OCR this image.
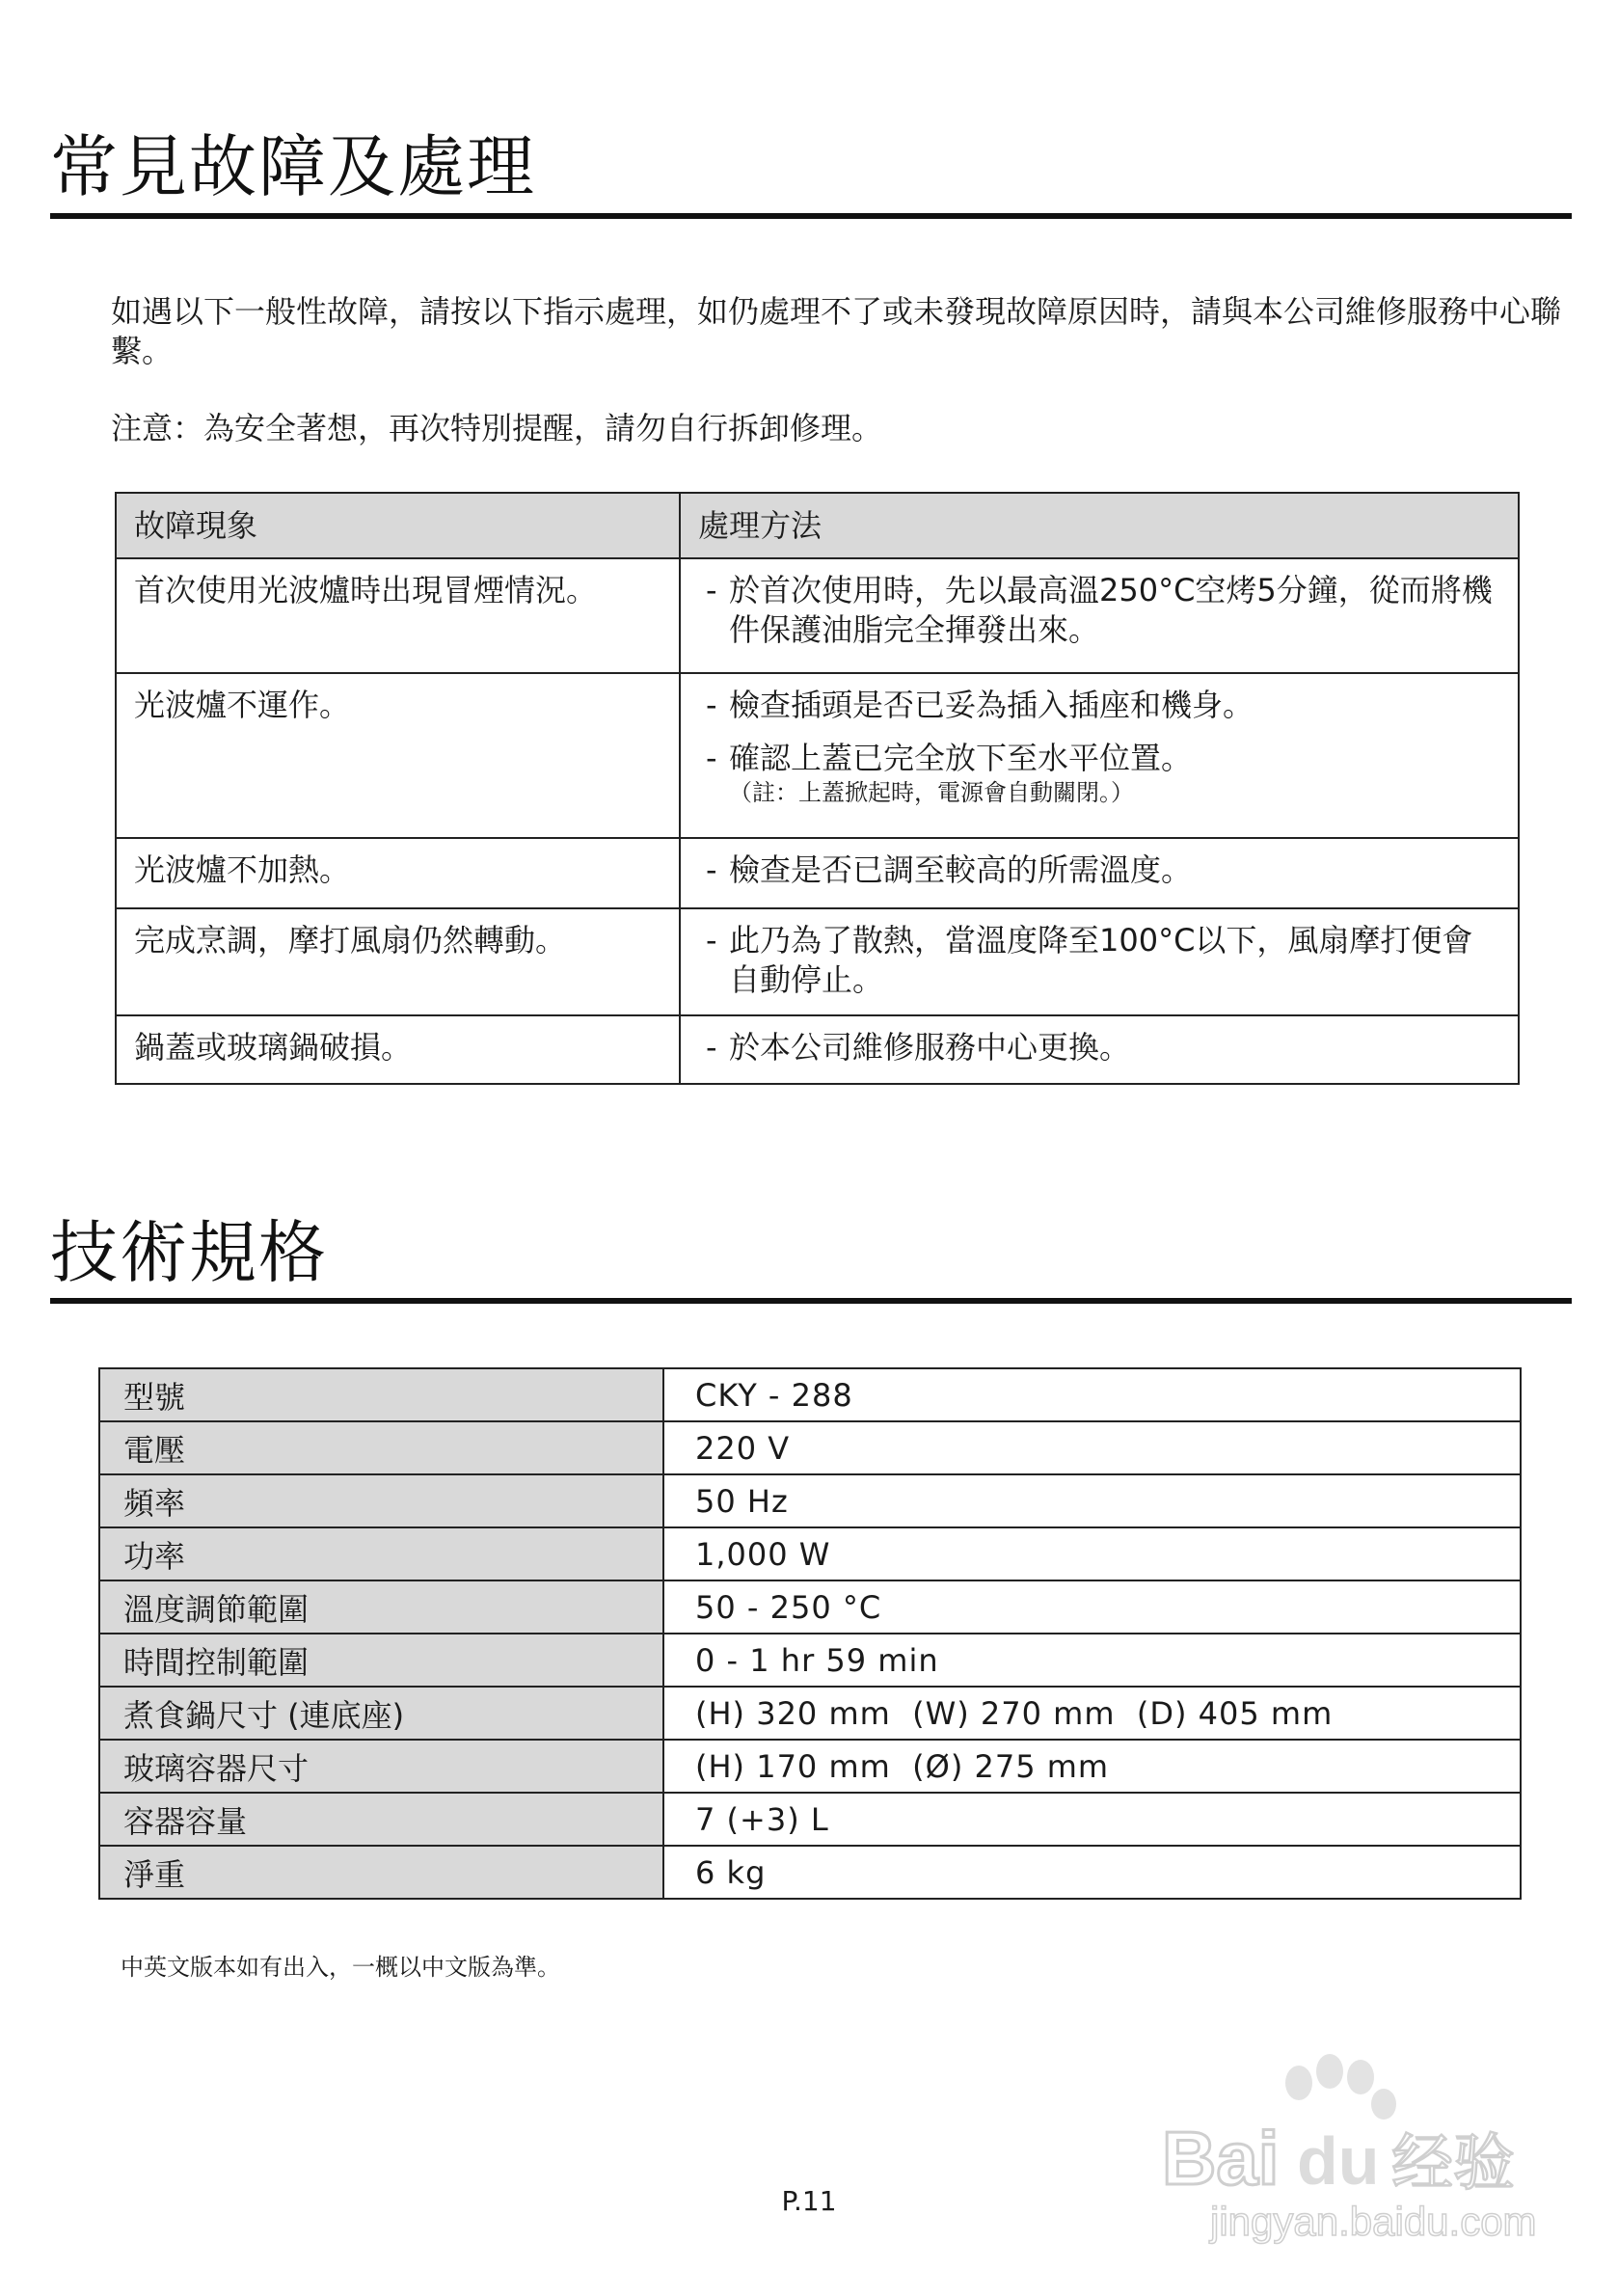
常見故障及處理

如遇以下一般性故障，請按以下指示處理，如仍處理不了或未發現故障原因時，請與本公司維修服務中心聯繫。

注意：為安全著想，再次特別提醒，請勿自行拆卸修理。

故障現象	處理方法
首次使用光波爐時出現冒煙情況。	- 於首次使用時，先以最高溫250°C空烤5分鐘，從而將機件保護油脂完全揮發出來。

光波爐不運作。	- 檢查插頭是否已妥為插入插座和機身。
- 確認上蓋已完全放下至水平位置。
（註：上蓋掀起時，電源會自動關閉。）

光波爐不加熱。	- 檢查是否已調至較高的所需溫度。

完成烹調，摩打風扇仍然轉動。	- 此乃為了散熱，當溫度降至100°C以下，風扇摩打便會自動停止。

鍋蓋或玻璃鍋破損。	- 於本公司維修服務中心更換。
技術規格
型號	CKY - 288
電壓	220 V
頻率	50 Hz
功率	1,000 W
溫度調節範圍	50 - 250 °C
時間控制範圍	0 - 1 hr 59 min
煮食鍋尺寸 (連底座)	(H) 320 mm  (W) 270 mm  (D) 405 mm
玻璃容器尺寸	(H) 170 mm  (Ø) 275 mm
容器容量	7 (+3) L
淨重	6 kg

中英文版本如有出入，一概以中文版為準。

P.11
Bai du 经验
jingyan.baidu.com
